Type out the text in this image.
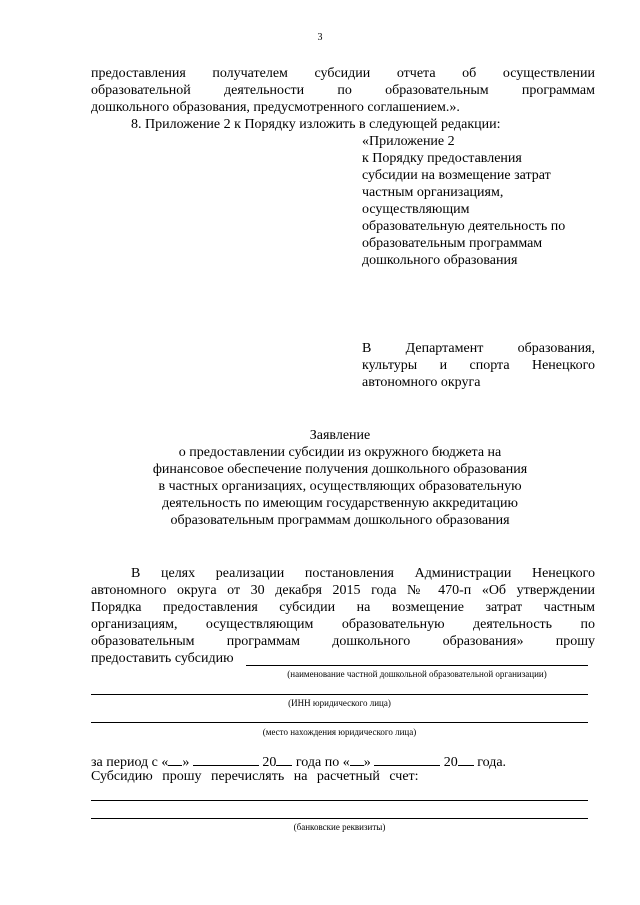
3
предоставления получателем субсидии отчета об осуществлении
образовательной деятельности по образовательным программам
дошкольного образования, предусмотренного соглашением.».
8. Приложение 2 к Порядку изложить в следующей редакции:
«Приложение 2
к Порядку предоставления
субсидии на возмещение затрат
частным организациям,
осуществляющим
образовательную деятельность по
образовательным программам
дошкольного образования
В Департамент образования,
культуры и спорта Ненецкого
автономного округа
Заявление
о предоставлении субсидии из окружного бюджета на
финансовое обеспечение получения дошкольного образования
в частных организациях, осуществляющих образовательную
деятельность по имеющим государственную аккредитацию
образовательным программам дошкольного образования
В целях реализации постановления Администрации Ненецкого
автономного округа от 30 декабря 2015 года № 470-п «Об утверждении
Порядка предоставления субсидии на возмещение затрат частным
организациям, осуществляющим образовательную деятельность по
образовательным программам дошкольного образования» прошу
предоставить субсидию
(наименование частной дошкольной образовательной организации)
(ИНН юридического лица)
(место нахождения юридического лица)
за период с « »	20 года по « »	20 года.
Субсидию прошу перечислять на расчетный счет:
(банковские реквизиты)
